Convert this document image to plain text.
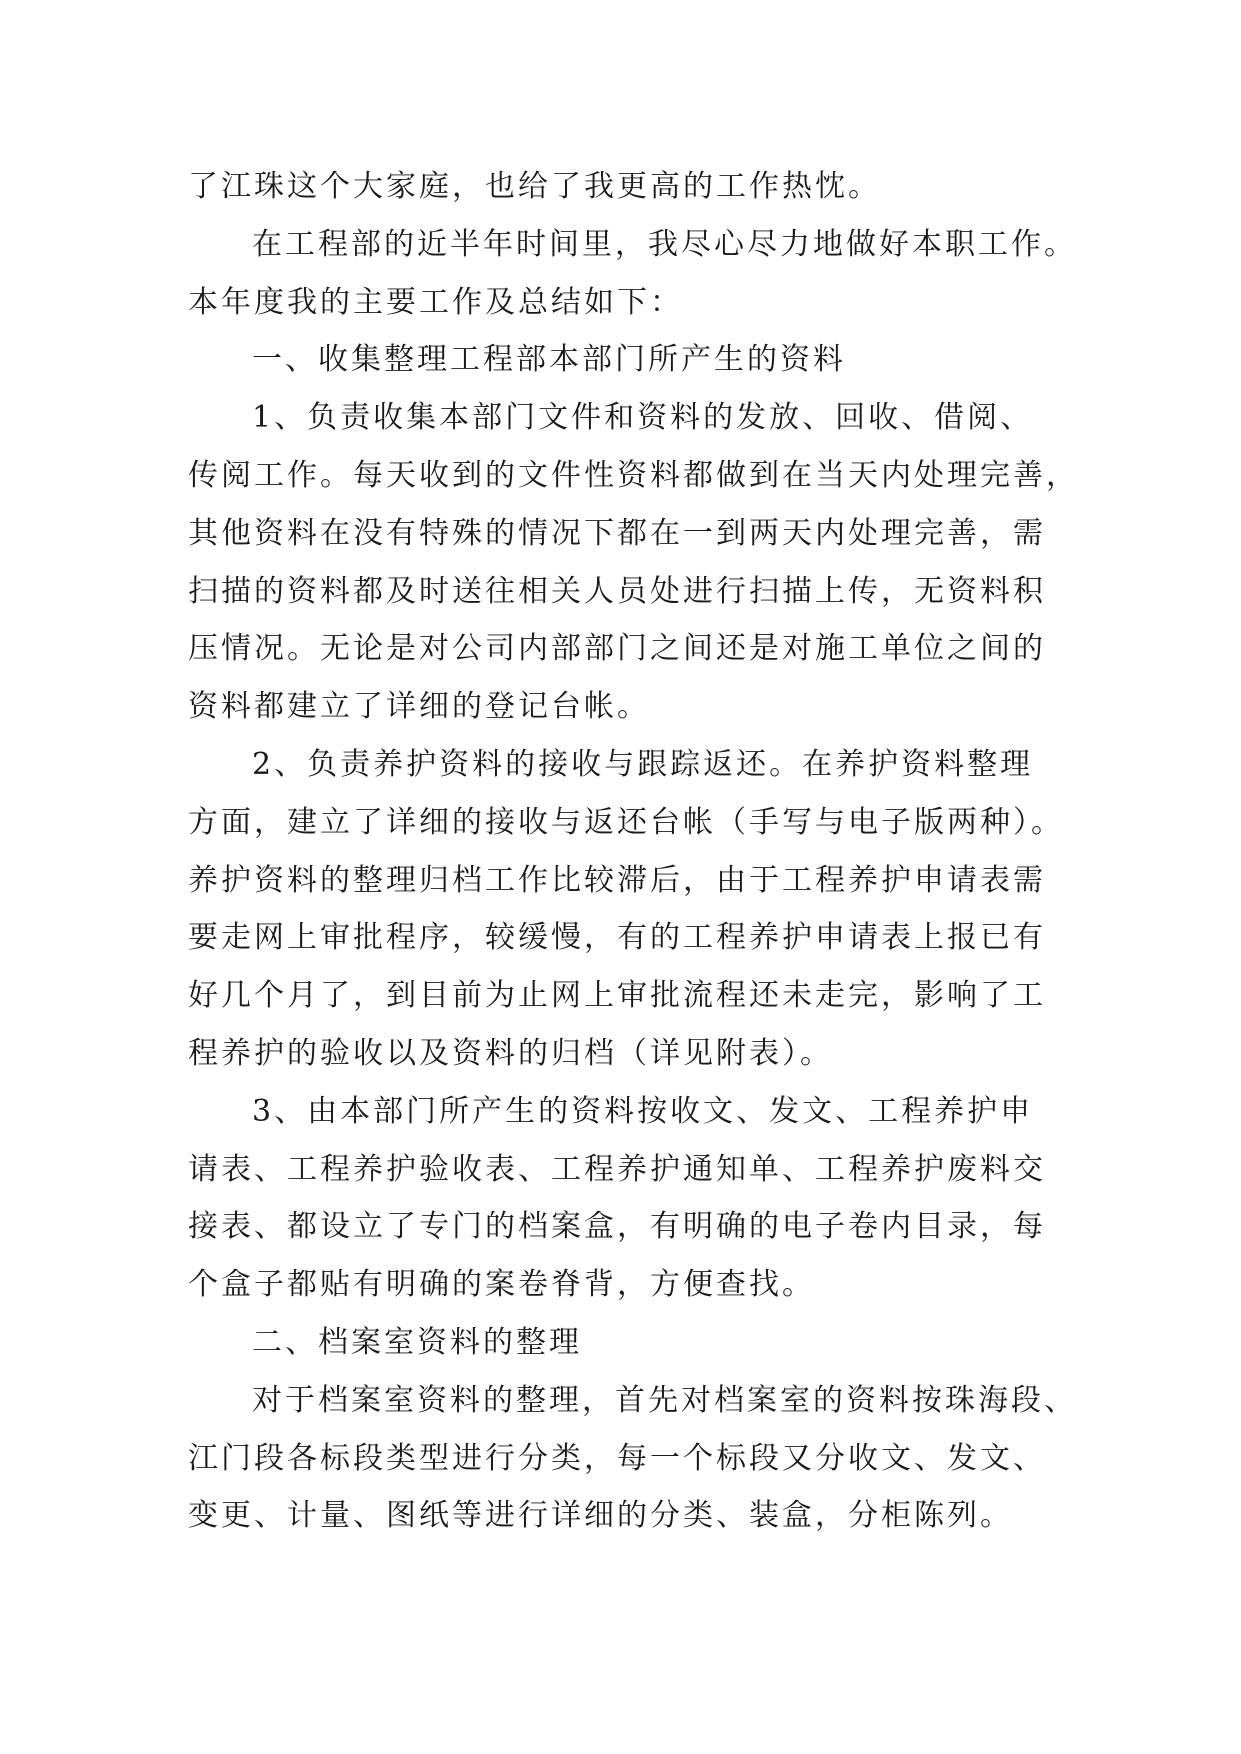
了江珠这个大家庭，也给了我更高的工作热忱。
在工程部的近半年时间里，我尽心尽力地做好本职工作。
本年度我的主要工作及总结如下：
一、收集整理工程部本部门所产生的资料
1、负责收集本部门文件和资料的发放、回收、借阅、
传阅工作。每天收到的文件性资料都做到在当天内处理完善，
其他资料在没有特殊的情况下都在一到两天内处理完善，需
扫描的资料都及时送往相关人员处进行扫描上传，无资料积
压情况。无论是对公司内部部门之间还是对施工单位之间的
资料都建立了详细的登记台帐。
2、负责养护资料的接收与跟踪返还。在养护资料整理
方面，建立了详细的接收与返还台帐（手写与电子版两种）。
养护资料的整理归档工作比较滞后，由于工程养护申请表需
要走网上审批程序，较缓慢，有的工程养护申请表上报已有
好几个月了，到目前为止网上审批流程还未走完，影响了工
程养护的验收以及资料的归档（详见附表）。
3、由本部门所产生的资料按收文、发文、工程养护申
请表、工程养护验收表、工程养护通知单、工程养护废料交
接表、都设立了专门的档案盒，有明确的电子卷内目录，每
个盒子都贴有明确的案卷脊背，方便查找。
二、档案室资料的整理
对于档案室资料的整理，首先对档案室的资料按珠海段、
江门段各标段类型进行分类，每一个标段又分收文、发文、
变更、计量、图纸等进行详细的分类、装盒，分柜陈列。
